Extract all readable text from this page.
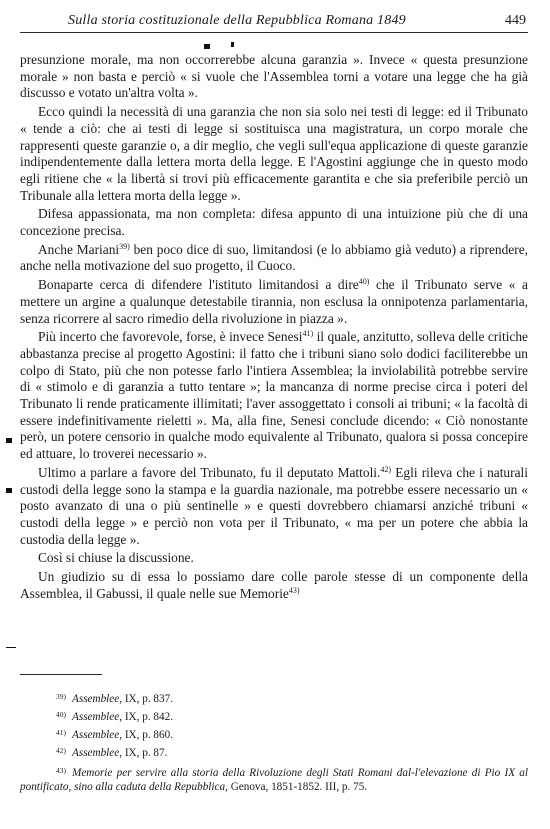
Sulla storia costituzionale della Repubblica Romana 1849	449

presunzione morale, ma non occorrerebbe alcuna garanzia ». Invece « questa presunzione morale » non basta e perciò « si vuole che l'Assemblea torni a votare una legge che ha già discusso e votato un'altra volta ».

Ecco quindi la necessità di una garanzia che non sia solo nei testi di legge: ed il Tribunato « tende a ciò: che ai testi di legge si sostituisca una magistratura, un corpo morale che rappresenti queste garanzie o, a dir meglio, che vegli sull'equa applicazione di queste garanzie indipendentemente dalla lettera morta della legge. E l'Agostini aggiunge che in questo modo egli ritiene che « la libertà si trovi più efficacemente garantita e che sia preferibile perciò un Tribunale alla lettera morta della legge ».

Difesa appassionata, ma non completa: difesa appunto di una intuizione più che di una concezione precisa.

Anche Mariani$^{39)}$ ben poco dice di suo, limitandosi (e lo abbiamo già veduto) a riprendere, anche nella motivazione del suo progetto, il Cuoco.

Bonaparte cerca di difendere l'istituto limitandosi a dire$^{40)}$ che il Tribunato serve « a mettere un argine a qualunque detestabile tirannia, non esclusa la onnipotenza parlamentaria, senza ricorrere al sacro rimedio della rivoluzione in piazza ».

Più incerto che favorevole, forse, è invece Senesi$^{41)}$ il quale, anzitutto, solleva delle critiche abbastanza precise al progetto Agostini: il fatto che i tribuni siano solo dodici faciliterebbe un colpo di Stato, più che non potesse farlo l'intiera Assemblea; la inviolabilità potrebbe servire di « stimolo e di garanzia a tutto tentare »; la mancanza di norme precise circa i poteri del Tribunato li rende praticamente illimitati; l'aver assoggettato i consoli ai tribuni; « la facoltà di essere indefinitivamente rieletti ». Ma, alla fine, Senesi conclude dicendo: « Ciò nonostante però, un potere censorio in qualche modo equivalente al Tribunato, qualora si possa concepire ed attuare, lo troverei necessario ».

Ultimo a parlare a favore del Tribunato, fu il deputato Mattoli.$^{42)}$ Egli rileva che i naturali custodi della legge sono la stampa e la guardia nazionale, ma potrebbe essere necessario un « posto avanzato di una o più sentinelle » e questi dovrebbero chiamarsi anziché tribuni « custodi della legge » e perciò non vota per il Tribunato, « ma per un potere che abbia la custodia della legge ».

Così si chiuse la discussione.

Un giudizio su di essa lo possiamo dare colle parole stesse di un componente della Assemblea, il Gabussi, il quale nelle sue Memorie$^{43)}$

$^{39)}$ Assemblee, IX, p. 837.
$^{40)}$ Assemblee, IX, p. 842.
$^{41)}$ Assemblee, IX, p. 860.
$^{42)}$ Assemblee, IX, p. 87.
$^{43)}$ Memorie per servire alla storia della Rivoluzione degli Stati Romani dal-l'elevazione di Pio IX al pontificato, sino alla caduta della Repubblica, Genova, 1851-1852. III, p. 75.
